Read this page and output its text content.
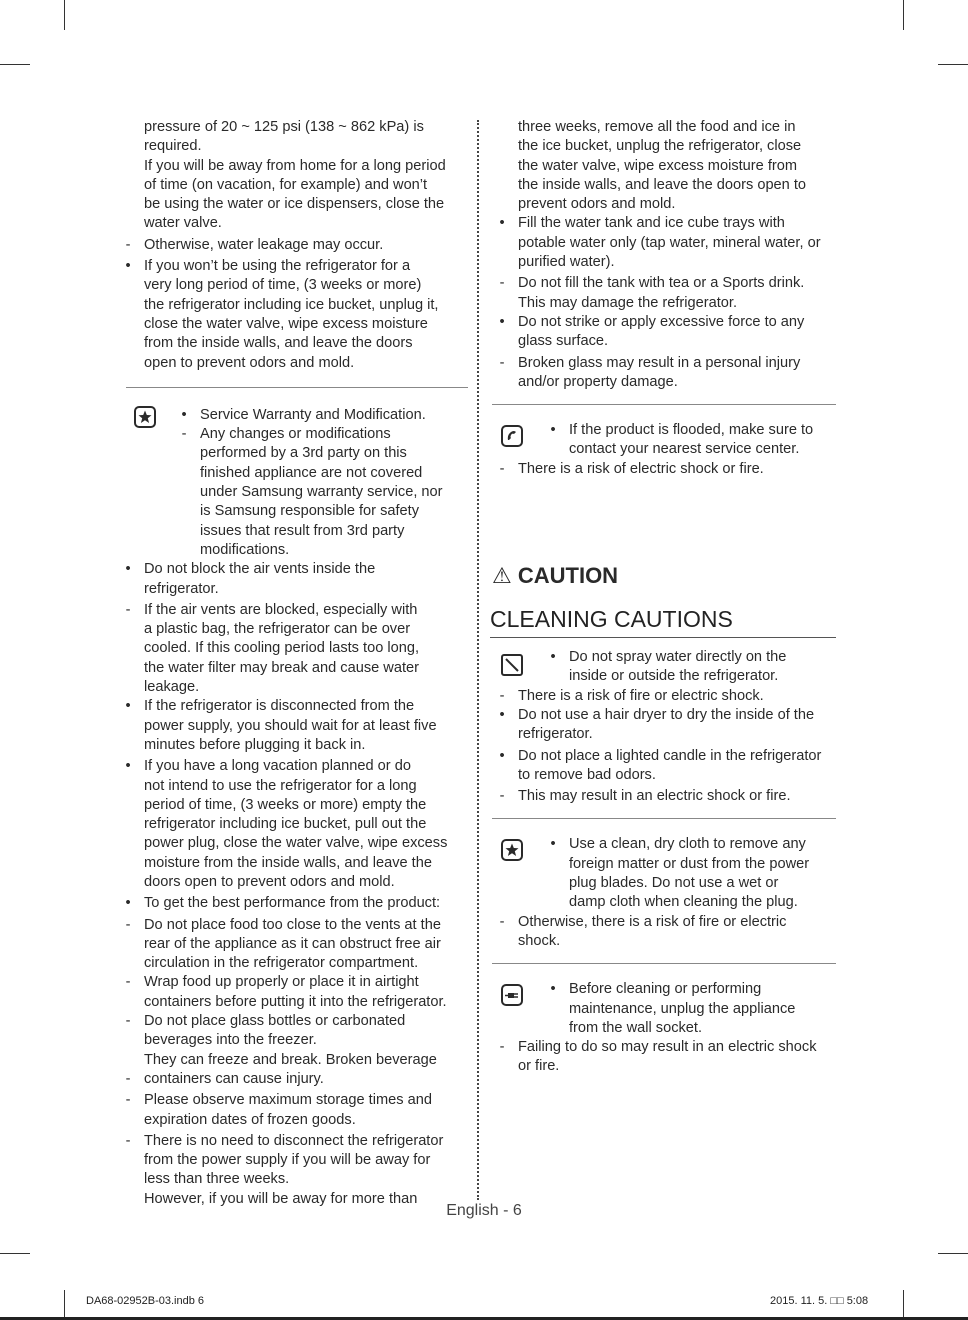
pressure of 20 ~ 125 psi (138 ~ 862 kPa) is
required.
If you will be away from home for a long period
of time (on vacation, for example) and won’t
be using the water or ice dispensers, close the
water valve.
- Otherwise, water leakage may occur.
• If you won’t be using the refrigerator for a
very long period of time, (3 weeks or more)
the refrigerator including ice bucket, unplug it,
close the water valve, wipe excess moisture
from the inside walls, and leave the doors
open to prevent odors and mold.
• Service Warranty and Modification.
- Any changes or modifications
performed by a 3rd party on this
finished appliance are not covered
under Samsung warranty service, nor
is Samsung responsible for safety
issues that result from 3rd party
modifications.
• Do not block the air vents inside the
refrigerator.
- If the air vents are blocked, especially with
a plastic bag, the refrigerator can be over
cooled. If this cooling period lasts too long,
the water filter may break and cause water
leakage.
• If the refrigerator is disconnected from the
power supply, you should wait for at least five
minutes before plugging it back in.
• If you have a long vacation planned or do
not intend to use the refrigerator for a long
period of time, (3 weeks or more) empty the
refrigerator including ice bucket, pull out the
power plug, close the water valve, wipe excess
moisture from the inside walls, and leave the
doors open to prevent odors and mold.
• To get the best performance from the product:
- Do not place food too close to the vents at the
rear of the appliance as it can obstruct free air
circulation in the refrigerator compartment.
- Wrap food up properly or place it in airtight
containers before putting it into the refrigerator.
- Do not place glass bottles or carbonated
beverages into the freezer.
They can freeze and break. Broken beverage
- containers can cause injury.
- Please observe maximum storage times and
expiration dates of frozen goods.
- There is no need to disconnect the refrigerator
from the power supply if you will be away for
less than three weeks.
However, if you will be away for more than
three weeks, remove all the food and ice in
the ice bucket, unplug the refrigerator, close
the water valve, wipe excess moisture from
the inside walls, and leave the doors open to
prevent odors and mold.
• Fill the water tank and ice cube trays with
potable water only (tap water, mineral water, or
purified water).
- Do not fill the tank with tea or a Sports drink.
This may damage the refrigerator.
• Do not strike or apply excessive force to any
glass surface.
- Broken glass may result in a personal injury
and/or property damage.
• If the product is flooded, make sure to
contact your nearest service center.
- There is a risk of electric shock or fire.
⚠ CAUTION
CLEANING CAUTIONS
• Do not spray water directly on the
inside or outside the refrigerator.
- There is a risk of fire or electric shock.
• Do not use a hair dryer to dry the inside of the
refrigerator.
• Do not place a lighted candle in the refrigerator
to remove bad odors.
- This may result in an electric shock or fire.
• Use a clean, dry cloth to remove any
foreign matter or dust from the power
plug blades. Do not use a wet or
damp cloth when cleaning the plug.
- Otherwise, there is a risk of fire or electric
shock.
• Before cleaning or performing
maintenance, unplug the appliance
from the wall socket.
- Failing to do so may result in an electric shock
or fire.
English - 6
DA68-02952B-03.indb 6	2015. 11. 5. □□ 5:08
